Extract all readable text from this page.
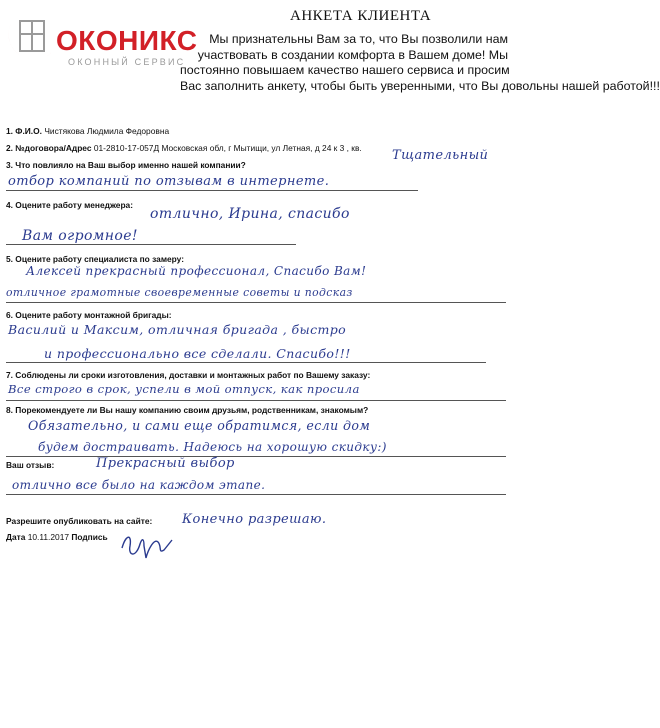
ОКОНИКС
ОКОННЫЙ СЕРВИС
АНКЕТА КЛИЕНТА
Мы признательны Вам за то, что Вы позволили нам
участвовать в создании комфорта в Вашем доме! Мы
постоянно повышаем качество нашего сервиса и просим
Вас заполнить анкету, чтобы быть уверенными, что Вы довольны нашей работой!!!
1. Ф.И.О. Чистякова Людмила Федоровна
2. №договора/Адрес 01-2810-17-057Д Московская обл, г Мытищи, ул Летная, д 24 к 3 , кв.
3. Что повлияло на Ваш выбор именно нашей компании?
Тщательный
отбор компаний по отзывам в интернете.
4. Оцените работу менеджера:
отлично, Ирина, спасибо
Вам огромное!
5. Оцените работу специалиста по замеру:
Алексей прекрасный профессионал, Спасибо Вам!
отличное грамотные своевременные советы и подсказ
6. Оцените работу монтажной бригады:
Василий и Максим, отличная бригада , быстро
и профессионально все сделали. Спасибо!!!
7. Соблюдены ли сроки изготовления, доставки и монтажных работ по Вашему заказу:
Все строго в срок, успели в мой отпуск, как просила
8. Порекомендуете ли Вы нашу компанию своим друзьям, родственникам, знакомым?
Обязательно, и сами еще обратимся, если дом
будем достраивать. Надеюсь на хорошую скидку:)
Ваш отзыв:	Прекрасный выбор
отлично все было на каждом этапе.
Разрешите опубликовать на сайте: Конечно разрешаю.
Дата 10.11.2017 Подпись
